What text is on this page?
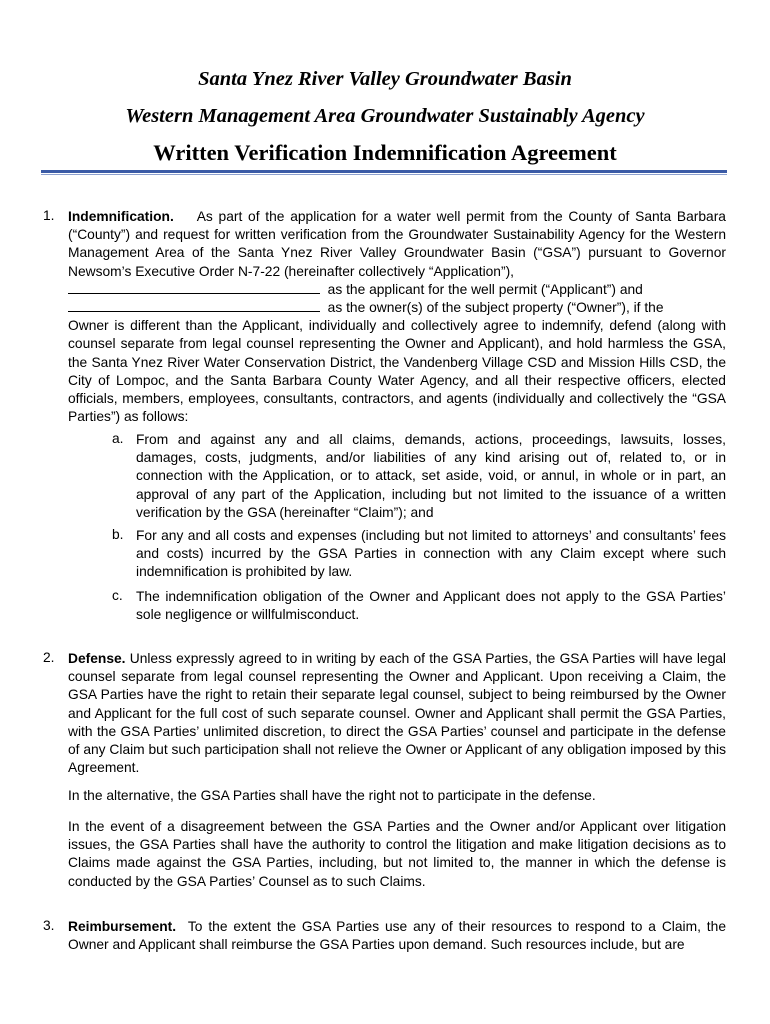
Santa Ynez River Valley Groundwater Basin
Western Management Area Groundwater Sustainably Agency
Written Verification Indemnification Agreement
1. Indemnification. As part of the application for a water well permit from the County of Santa Barbara (“County”) and request for written verification from the Groundwater Sustainability Agency for the Western Management Area of the Santa Ynez River Valley Groundwater Basin (“GSA”) pursuant to Governor Newsom’s Executive Order N-7-22 (hereinafter collectively “Application”),
as the applicant for the well permit (“Applicant”) and
as the owner(s) of the subject property (“Owner”), if the
Owner is different than the Applicant, individually and collectively agree to indemnify, defend (along with counsel separate from legal counsel representing the Owner and Applicant), and hold harmless the GSA, the Santa Ynez River Water Conservation District, the Vandenberg Village CSD and Mission Hills CSD, the City of Lompoc, and the Santa Barbara County Water Agency, and all their respective officers, elected officials, members, employees, consultants, contractors, and agents (individually and collectively the “GSA Parties”) as follows:
a. From and against any and all claims, demands, actions, proceedings, lawsuits, losses, damages, costs, judgments, and/or liabilities of any kind arising out of, related to, or in connection with the Application, or to attack, set aside, void, or annul, in whole or in part, an approval of any part of the Application, including but not limited to the issuance of a written verification by the GSA (hereinafter “Claim”); and
b. For any and all costs and expenses (including but not limited to attorneys’ and consultants’ fees and costs) incurred by the GSA Parties in connection with any Claim except where such indemnification is prohibited by law.
c. The indemnification obligation of the Owner and Applicant does not apply to the GSA Parties’ sole negligence or willfulmisconduct.
2. Defense. Unless expressly agreed to in writing by each of the GSA Parties, the GSA Parties will have legal counsel separate from legal counsel representing the Owner and Applicant. Upon receiving a Claim, the GSA Parties have the right to retain their separate legal counsel, subject to being reimbursed by the Owner and Applicant for the full cost of such separate counsel. Owner and Applicant shall permit the GSA Parties, with the GSA Parties’ unlimited discretion, to direct the GSA Parties’ counsel and participate in the defense of any Claim but such participation shall not relieve the Owner or Applicant of any obligation imposed by this Agreement.
In the alternative, the GSA Parties shall have the right not to participate in the defense.
In the event of a disagreement between the GSA Parties and the Owner and/or Applicant over litigation issues, the GSA Parties shall have the authority to control the litigation and make litigation decisions as to Claims made against the GSA Parties, including, but not limited to, the manner in which the defense is conducted by the GSA Parties’ Counsel as to such Claims.
3. Reimbursement. To the extent the GSA Parties use any of their resources to respond to a Claim, the Owner and Applicant shall reimburse the GSA Parties upon demand. Such resources include, but are
